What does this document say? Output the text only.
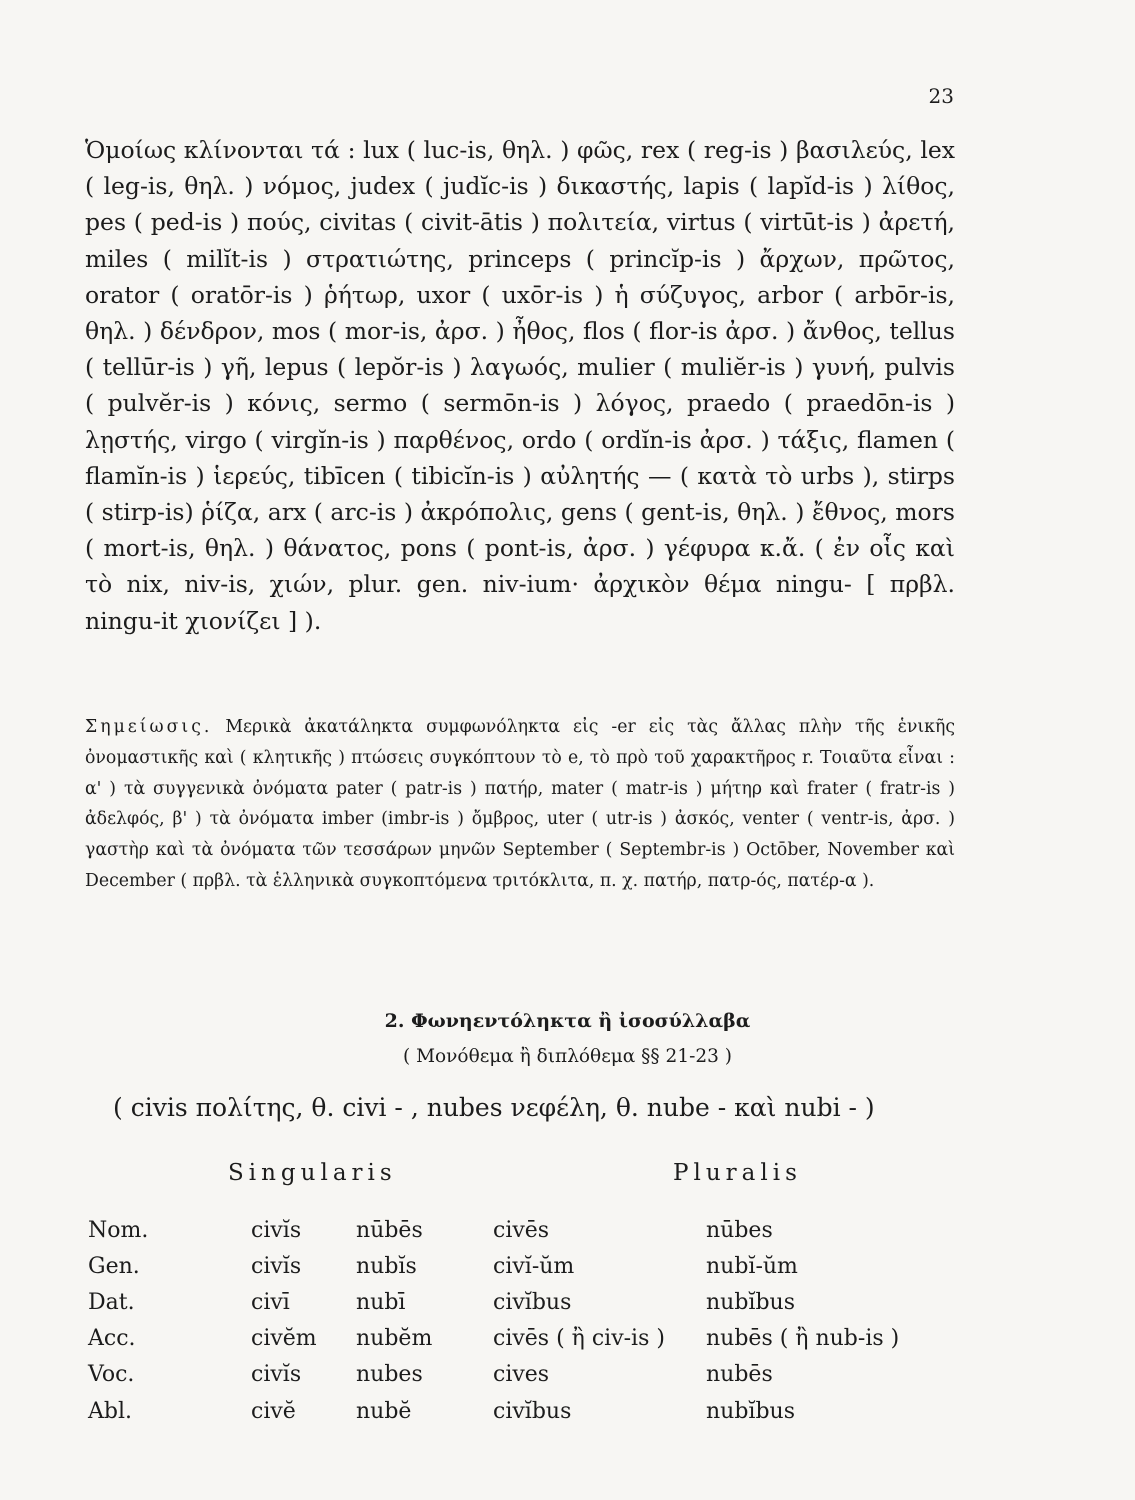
23

Ὁμοίως κλίνονται τά : lux ( luc-is, θηλ. ) φῶς, rex ( reg-is ) βασιλεύς, lex ( leg-is, θηλ. ) νόμος, judex ( judĭc-is ) δικαστής, lapis ( lapĭd-is ) λίθος, pes ( ped-is ) πούς, civitas ( civit-ātis ) πολιτεία, virtus ( virtūt-is ) ἀρετή, miles ( milĭt-is ) στρατιώτης, princeps ( princĭp-is ) ἄρχων, πρῶτος, orator ( oratōr-is ) ῥήτωρ, uxor ( uxōr-is ) ἡ σύζυγος, arbor ( arbōr-is, θηλ. ) δένδρον, mos ( mor-is, ἀρσ. ) ἦθος, flos ( flor-is ἀρσ. ) ἄνθος, tellus ( tellūr-is ) γῆ, lepus ( lepŏr-is ) λαγωός, mulier ( muliĕr-is ) γυνή, pulvis ( pulvĕr-is ) κόνις, sermo ( sermōn-is ) λόγος, praedo ( praedōn-is ) λῃστής, virgo ( virgĭn-is ) παρθένος, ordo ( ordĭn-is ἀρσ. ) τάξις, flamen ( flamĭn-is ) ἱερεύς, tibīcen ( tibicĭn-is ) αὐλητής — ( κατὰ τὸ urbs ), stirps ( stirp-is) ῥίζα, arx ( arc-is ) ἀκρόπολις, gens ( gent-is, θηλ. ) ἔθνος, mors ( mort-is, θηλ. ) θάνατος, pons ( pont-is, ἀρσ. ) γέφυρα κ.ἄ. ( ἐν οἷς καὶ τὸ nix, niv-is, χιών, plur. gen. niv-ium· ἀρχικὸν θέμα ningu- [ πρβλ. ningu-it χιονίζει ] ).

Σημείωσις. Μερικὰ ἀκατάληκτα συμφωνόληκτα εἰς -er εἰς τὰς ἄλλας πλὴν τῆς ἑνικῆς ὀνομαστικῆς καὶ ( κλητικῆς ) πτώσεις συγκόπτουν τὸ e, τὸ πρὸ τοῦ χαρακτῆρος r. Τοιαῦτα εἶναι : α' ) τὰ συγγενικὰ ὀνόματα pater ( patr-is ) πατήρ, mater ( matr-is ) μήτηρ καὶ frater ( fratr-is ) ἀδελφός, β' ) τὰ ὀνόματα imber (imbr-is ) ὄμβρος, uter ( utr-is ) ἀσκός, venter ( ventr-is, ἀρσ. ) γαστὴρ καὶ τὰ ὀνόματα τῶν τεσσάρων μηνῶν September ( Septembr-is ) Octōber, November καὶ December ( πρβλ. τὰ ἑλληνικὰ συγκοπτόμενα τριτόκλιτα, π. χ. πατήρ, πατρ-ός, πατέρ-α ).

2. Φωνηεντόληκτα ἢ ἰσοσύλλαβα

( Μονόθεμα ἢ διπλόθεμα §§ 21-23 )

( civis πολίτης, θ. civi - , nubes νεφέλη, θ. nube - καὶ nubi - )

Singularis	Pluralis
Nom.	civĭs	nūbēs	civēs	nūbes
Gen.	civĭs	nubĭs	civĭ-ŭm	nubĭ-ŭm
Dat.	civī	nubī	civĭbus	nubĭbus
Acc.	civĕm	nubĕm	civēs ( ἢ civ-is )	nubēs ( ἢ nub-is )
Voc.	civĭs	nubes	cives	nubēs
Abl.	civĕ	nubĕ	civĭbus	nubĭbus
